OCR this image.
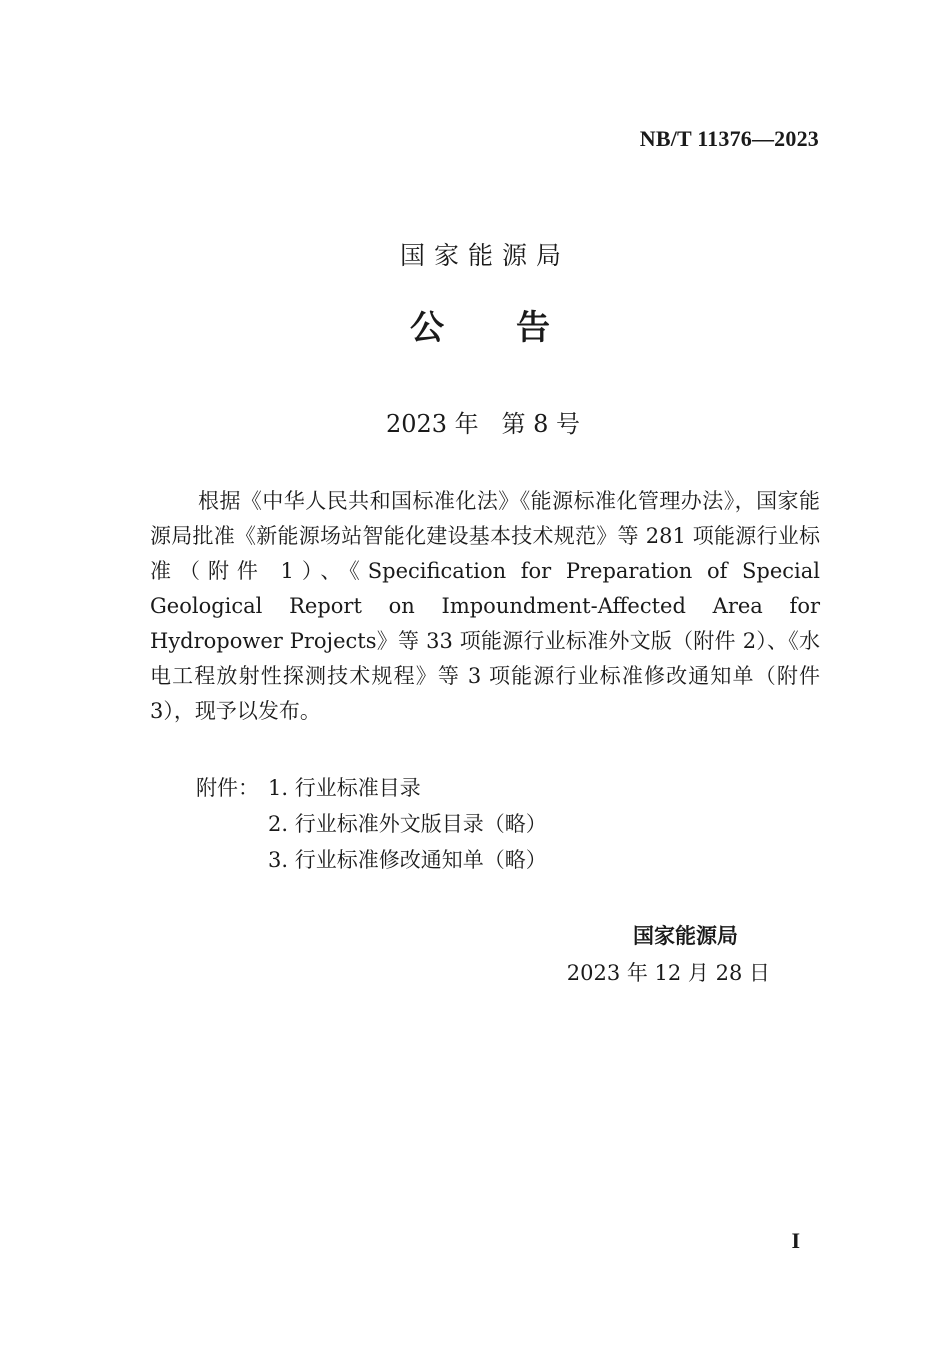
NB/T 11376—2023
国家能源局
公 告
2023 年   第 8 号

根据《中华人民共和国标准化法》《能源标准化管理办法》，国家能源局批准《新能源场站智能化建设基本技术规范》等 281 项能源行业标准（附件 1）、《Specification for Preparation of Special Geological Report on Impoundment-Affected Area for Hydropower Projects》等 33 项能源行业标准外文版（附件 2）、《水电工程放射性探测技术规程》等 3 项能源行业标准修改通知单（附件 3），现予以发布。

附件： 1. 行业标准目录
2. 行业标准外文版目录（略）
3. 行业标准修改通知单（略）
国家能源局
2023 年 12 月 28 日
I
